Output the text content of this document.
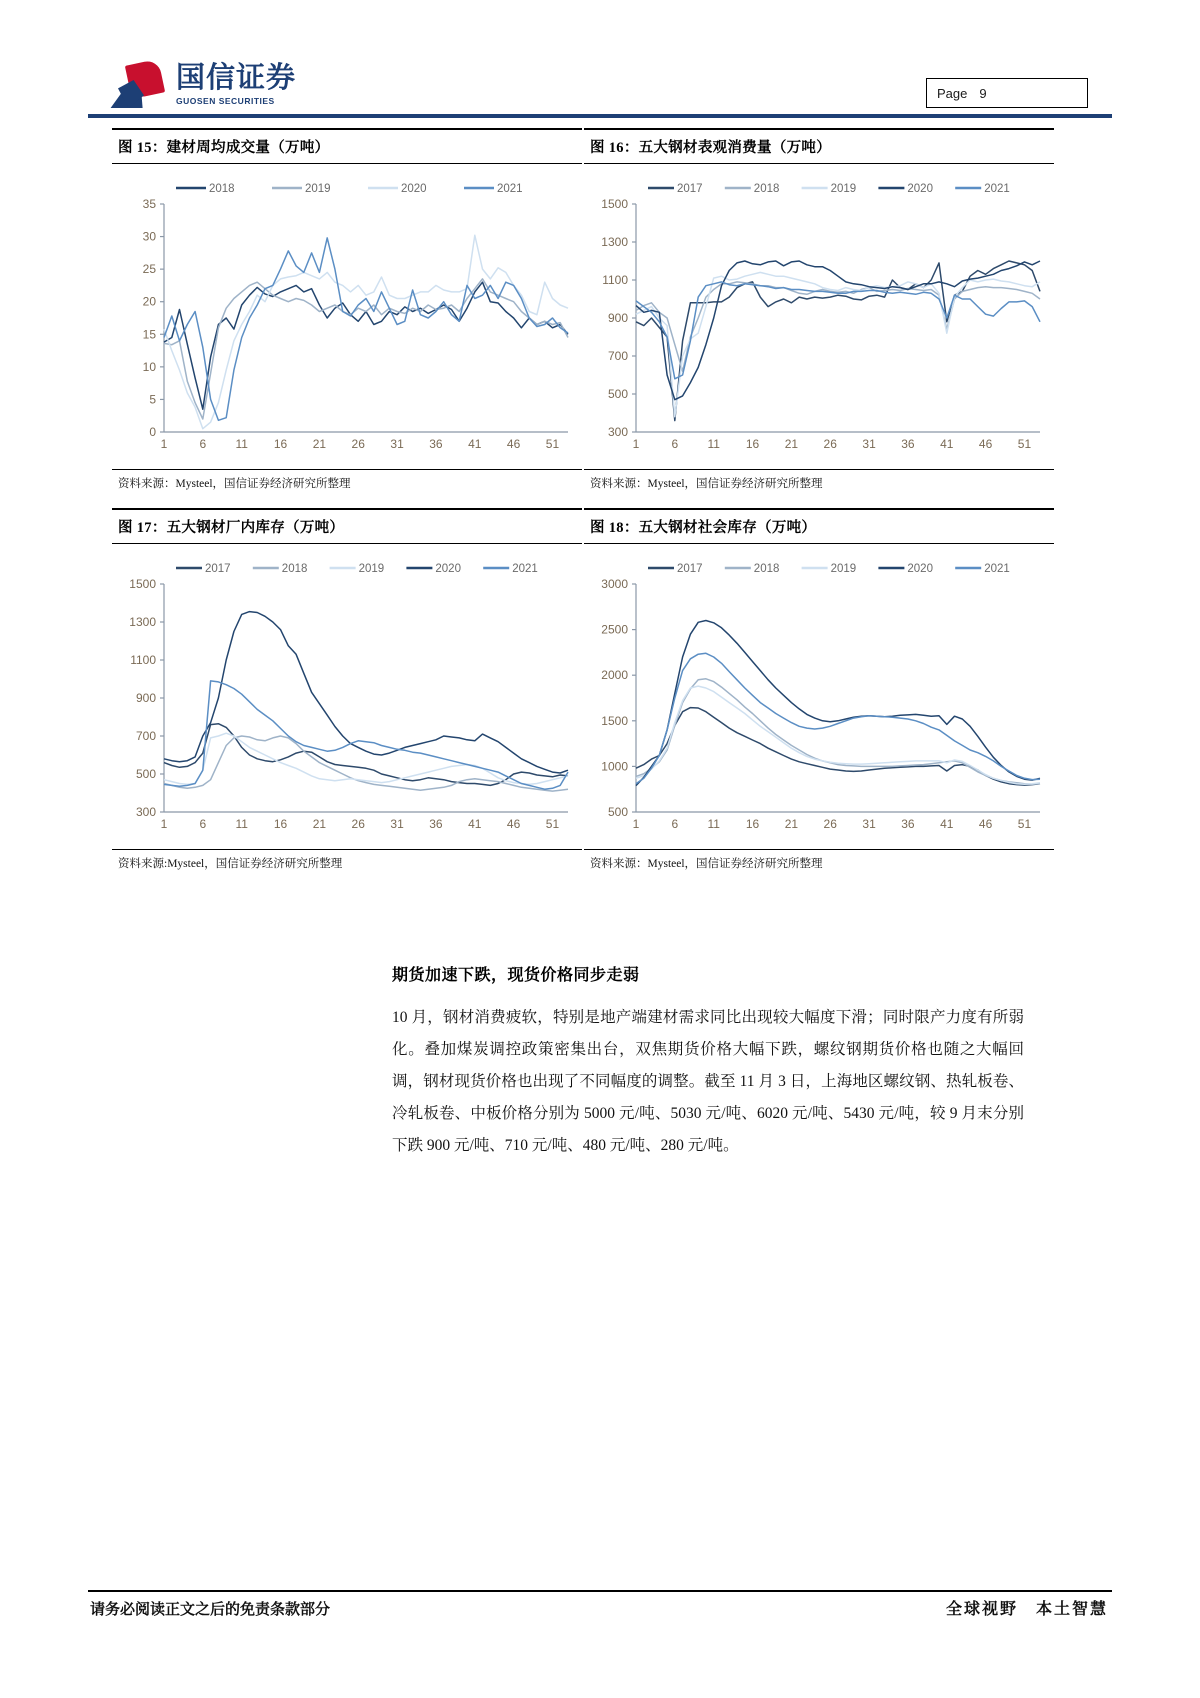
国信证券
GUOSEN SECURITIES
Page 9
图 15：建材周均成交量（万吨）
0
5
10
15
20
25
30
35
1	6 11 16 21 26 31 36 41 46 51
2018	2019	2020	2021
资料来源：Mysteel，国信证券经济研究所整理
图 16：五大钢材表观消费量（万吨）
300
500
700
900
1100
1300
1500
1	6 11 16 21 26 31 36 41 46 51
2017	2018	2019	2020	2021
资料来源：Mysteel，国信证券经济研究所整理
图 17：五大钢材厂内库存（万吨）
300
500
700
900
1100
1300
1500
1	6 11 16 21 26 31 36 41 46 51
2017	2018	2019	2020	2021
资料来源:Mysteel，国信证券经济研究所整理
图 18：五大钢材社会库存（万吨）
500
1000
1500
2000
2500
3000
1	6 11 16 21 26 31 36 41 46 51
2017	2018	2019	2020	2021
资料来源：Mysteel，国信证券经济研究所整理
期货加速下跌，现货价格同步走弱
10 月，钢材消费疲软，特别是地产端建材需求同比出现较大幅度下滑；同时限产力度有所弱化。叠加煤炭调控政策密集出台，双焦期货价格大幅下跌，螺纹钢期货价格也随之大幅回调，钢材现货价格也出现了不同幅度的调整。截至 11 月 3 日，上海地区螺纹钢、热轧板卷、冷轧板卷、中板价格分别为 5000 元/吨、5030 元/吨、6020 元/吨、5430 元/吨，较 9 月末分别下跌 900 元/吨、710 元/吨、480 元/吨、280 元/吨。
请务必阅读正文之后的免责条款部分	全球视野　本土智慧
